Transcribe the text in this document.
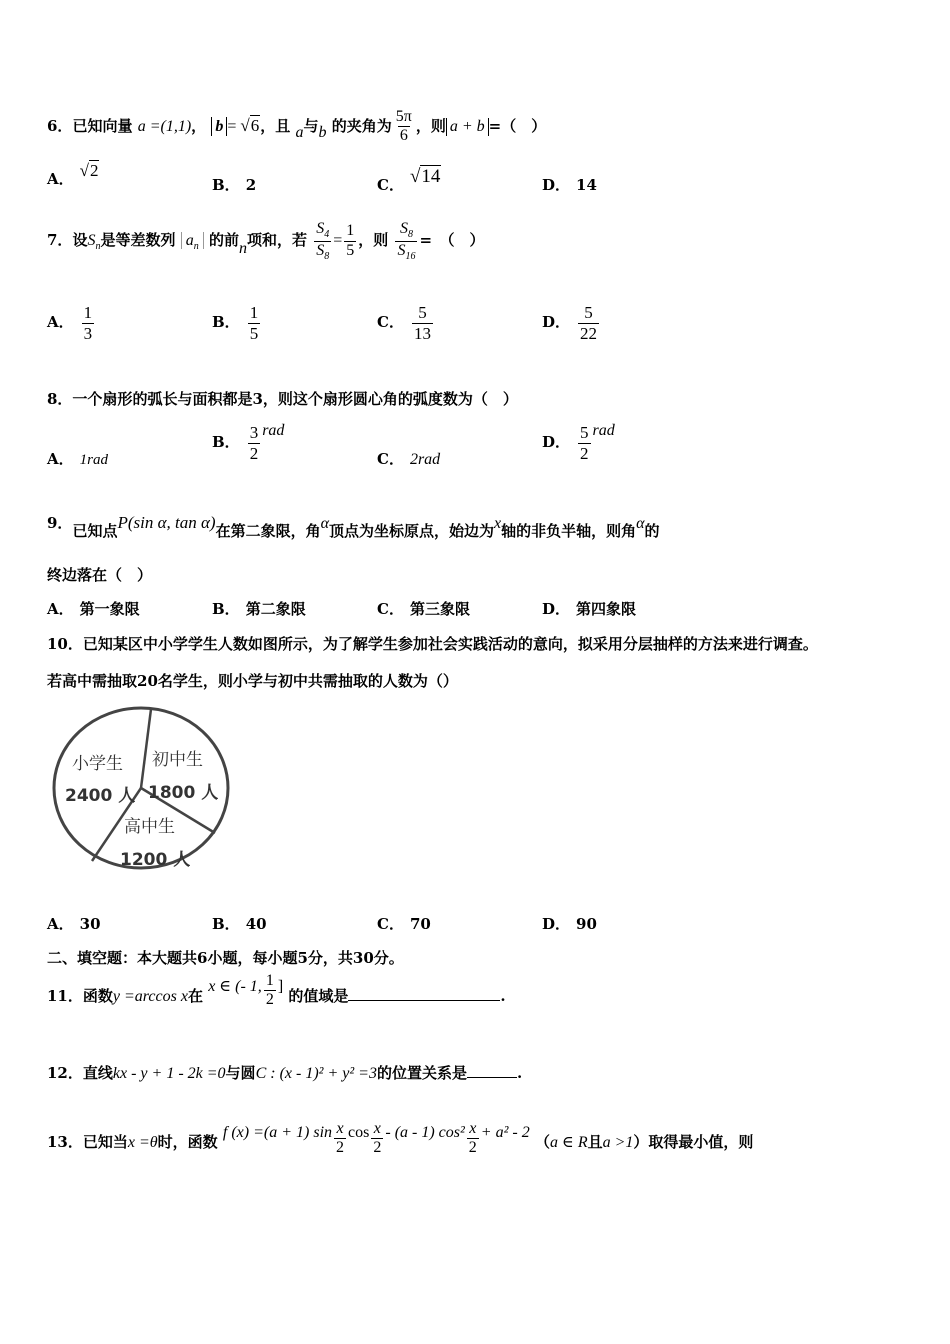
6．已知向量 a =(1,1)， b = √6，且 a与b 的夹角为 $\frac{5\pi}{6}$ ，则 a + b =（　）
A． √2
B． 2	C． √14	D． 14
7．设$S_n$是等差数列 $a_n$ 的前n项和，若 $\frac{S_4}{S_8} = \frac{1}{5}$ ，则 $\frac{S_8}{S_{16}}$ =　（　）
A． $\frac{1}{3}$	B． $\frac{1}{5}$	C． $\frac{5}{13}$	D． $\frac{5}{22}$
8．一个扇形的弧长与面积都是3，则这个扇形圆心角的弧度数为（　）
A． 1rad
B． $\frac{3}{2}$ rad
C． 2rad
D． $\frac{5}{2}$ rad
9．已知点P(sin α, tan α)在第二象限，角α顶点为坐标原点，始边为x轴的非负半轴，则角α的
终边落在（　）
A． 第一象限	B． 第二象限	C． 第三象限	D． 第四象限
10．已知某区中小学学生人数如图所示，为了解学生参加社会实践活动的意向，拟采用分层抽样的方法来进行调查。
若高中需抽取20名学生，则小学与初中共需抽取的人数为（）
小学生
2400 人
初中生
1800 人
高中生
1200 人
A． 30	B． 40	C． 70	D． 90
二、填空题：本大题共6小题，每小题5分，共30分。
11．函数y =arccos x在 x ∈ (- 1, $\frac{1}{2}$ ] 的值域是	.
12．直线kx - y + 1 - 2k =0与圆C : (x - 1)² + y² =3的位置关系是	.
13．已知当x =θ时，函数 f (x) =(a + 1) $\sin \frac{x}{2}$ $\cos \frac{x}{2} - (a - 1)$ $\cos^2 \frac{x}{2} + a^2 - 2$ （a ∈ R且a >1）取得最小值，则
